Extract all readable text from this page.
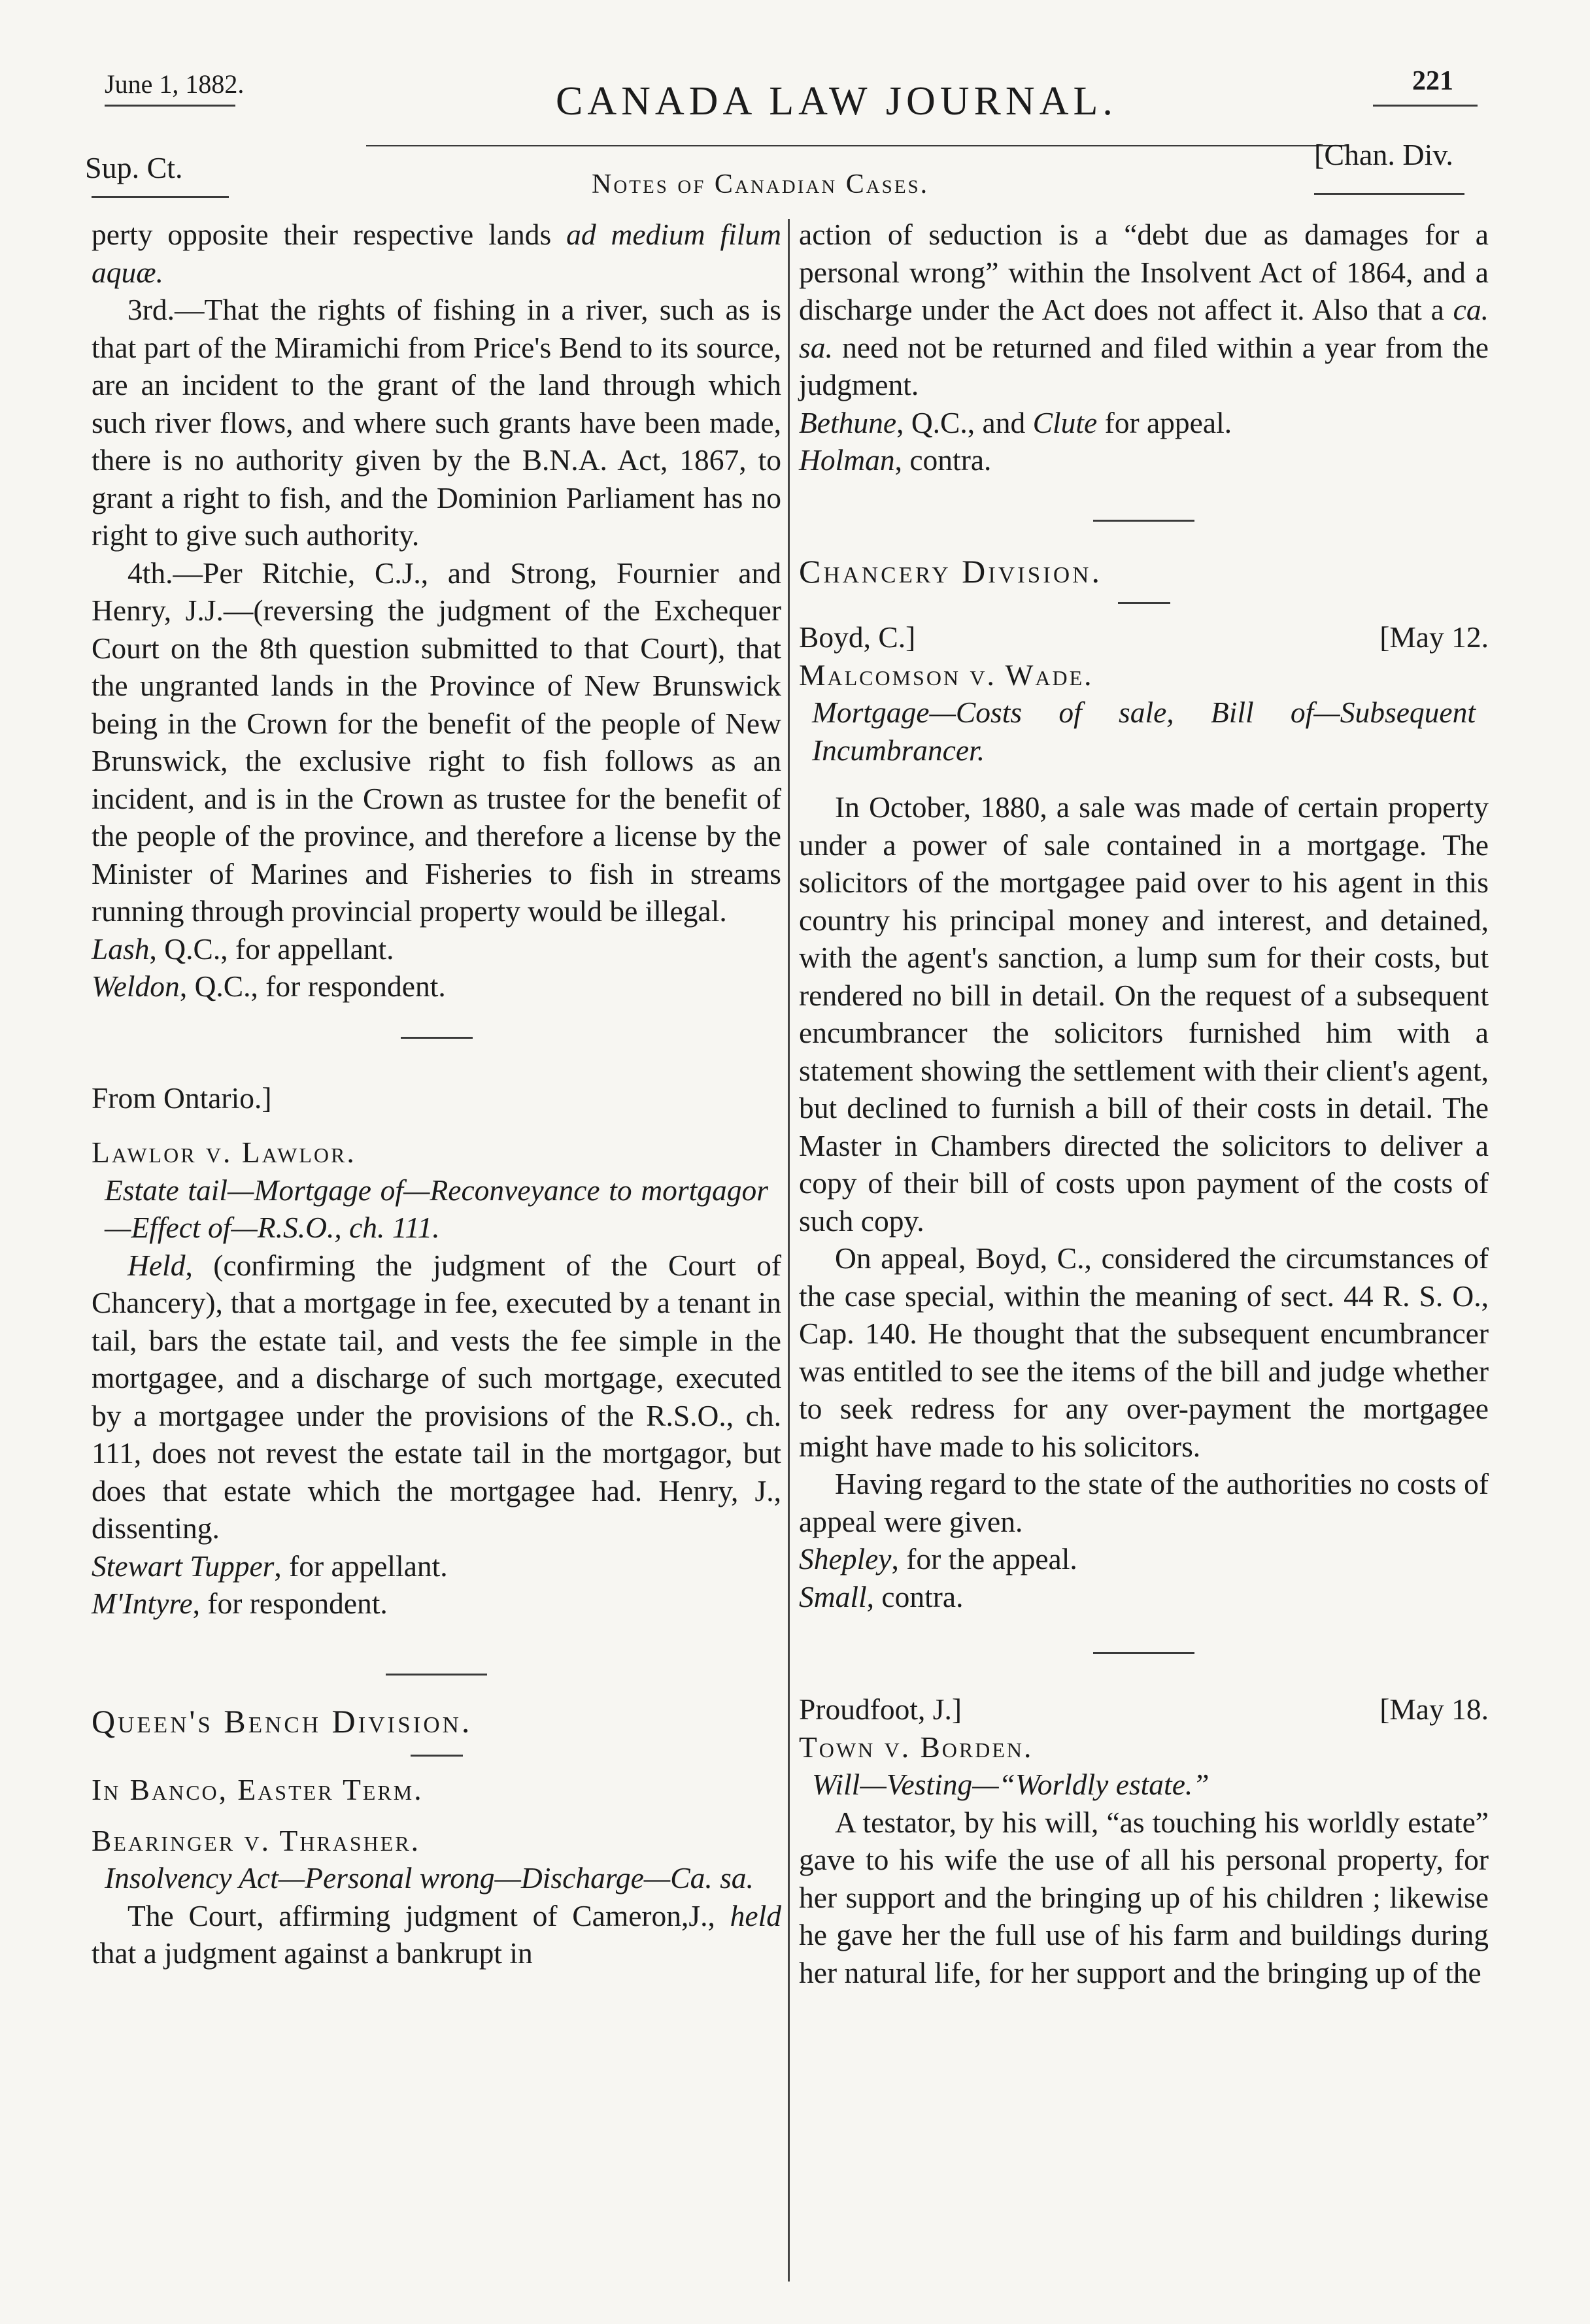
June 1, 1882.	CANADA LAW JOURNAL.	221
Sup. Ct.	[Chan. Div.
Notes of Canadian Cases.

perty opposite their respective lands ad medium filum aquæ.

3rd.—That the rights of fishing in a river, such as is that part of the Miramichi from Price's Bend to its source, are an incident to the grant of the land through which such river flows, and where such grants have been made, there is no authority given by the B.N.A. Act, 1867, to grant a right to fish, and the Dominion Parliament has no right to give such authority.

4th.—Per Ritchie, C.J., and Strong, Fournier and Henry, J.J.—(reversing the judgment of the Exchequer Court on the 8th question submitted to that Court), that the ungranted lands in the Province of New Brunswick being in the Crown for the benefit of the people of New Brunswick, the exclusive right to fish follows as an incident, and is in the Crown as trustee for the benefit of the people of the province, and therefore a license by the Minister of Marines and Fisheries to fish in streams running through provincial property would be illegal.

Lash, Q.C., for appellant.

Weldon, Q.C., for respondent.

From Ontario.]

Lawlor v. Lawlor.

Estate tail—Mortgage of—Reconveyance to mortgagor—Effect of—R.S.O., ch. 111.

Held, (confirming the judgment of the Court of Chancery), that a mortgage in fee, executed by a tenant in tail, bars the estate tail, and vests the fee simple in the mortgagee, and a discharge of such mortgage, executed by a mortgagee under the provisions of the R.S.O., ch. 111, does not revest the estate tail in the mortgagor, but does that estate which the mortgagee had. Henry, J., dissenting.

Stewart Tupper, for appellant.

M'Intyre, for respondent.

Queen's Bench Division.

In Banco, Easter Term.

Bearinger v. Thrasher.

Insolvency Act—Personal wrong—Discharge—Ca. sa.

The Court, affirming judgment of Cameron,J., held that a judgment against a bankrupt in

action of seduction is a “debt due as damages for a personal wrong” within the Insolvent Act of 1864, and a discharge under the Act does not affect it. Also that a ca. sa. need not be returned and filed within a year from the judgment.

Bethune, Q.C., and Clute for appeal.

Holman, contra.

Chancery Division.

Boyd, C.]	[May 12.

Malcomson v. Wade.

Mortgage—Costs of sale, Bill of—Subsequent Incumbrancer.

In October, 1880, a sale was made of certain property under a power of sale contained in a mortgage. The solicitors of the mortgagee paid over to his agent in this country his principal money and interest, and detained, with the agent's sanction, a lump sum for their costs, but rendered no bill in detail. On the request of a subsequent encumbrancer the solicitors furnished him with a statement showing the settlement with their client's agent, but declined to furnish a bill of their costs in detail. The Master in Chambers directed the solicitors to deliver a copy of their bill of costs upon payment of the costs of such copy.

On appeal, Boyd, C., considered the circumstances of the case special, within the meaning of sect. 44 R. S. O., Cap. 140. He thought that the subsequent encumbrancer was entitled to see the items of the bill and judge whether to seek redress for any over-payment the mortgagee might have made to his solicitors.

Having regard to the state of the authorities no costs of appeal were given.

Shepley, for the appeal.

Small, contra.

Proudfoot, J.]	[May 18.

Town v. Borden.

Will—Vesting—“Worldly estate.”

A testator, by his will, “as touching his worldly estate” gave to his wife the use of all his personal property, for her support and the bringing up of his children ; likewise he gave her the full use of his farm and buildings during her natural life, for her support and the bringing up of the
